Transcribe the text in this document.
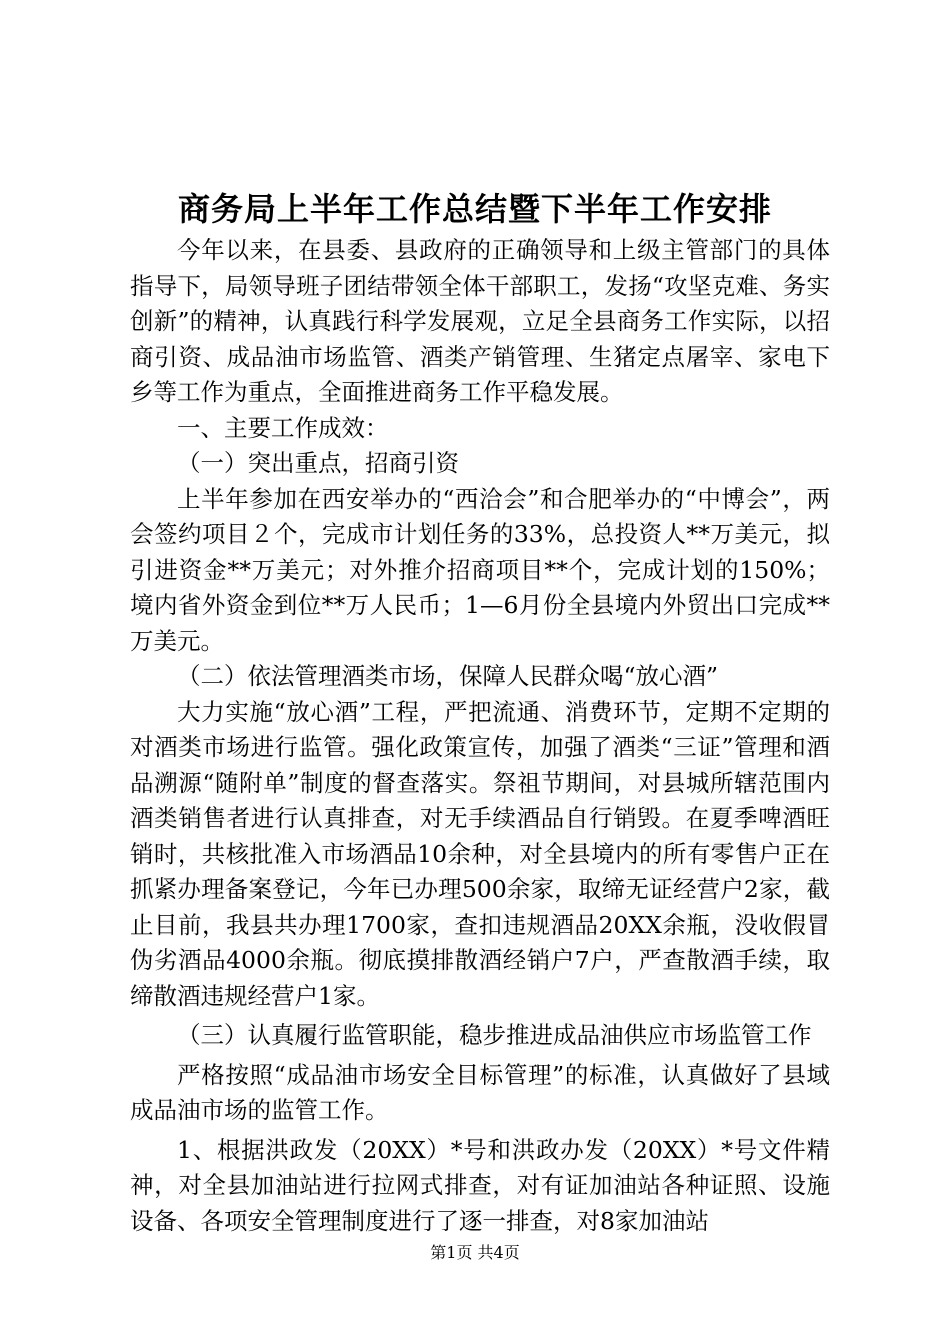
商务局上半年工作总结暨下半年工作安排

今年以来，在县委、县政府的正确领导和上级主管部门的具体指导下，局领导班子团结带领全体干部职工，发扬“攻坚克难、务实创新”的精神，认真践行科学发展观，立足全县商务工作实际，以招商引资、成品油市场监管、酒类产销管理、生猪定点屠宰、家电下乡等工作为重点，全面推进商务工作平稳发展。

一、主要工作成效：

（一）突出重点，招商引资

上半年参加在西安举办的“西洽会”和合肥举办的“中博会”，两会签约项目２个，完成市计划任务的33%，总投资人**万美元，拟引进资金**万美元；对外推介招商项目**个，完成计划的150%；境内省外资金到位**万人民币；1—6月份全县境内外贸出口完成**万美元。

（二）依法管理酒类市场，保障人民群众喝“放心酒”

大力实施“放心酒”工程，严把流通、消费环节，定期不定期的对酒类市场进行监管。强化政策宣传，加强了酒类“三证”管理和酒品溯源“随附单”制度的督查落实。祭祖节期间，对县城所辖范围内酒类销售者进行认真排查，对无手续酒品自行销毁。在夏季啤酒旺销时，共核批准入市场酒品10余种，对全县境内的所有零售户正在抓紧办理备案登记，今年已办理500余家，取缔无证经营户2家，截止目前，我县共办理1700家，查扣违规酒品20XX余瓶，没收假冒伪劣酒品4000余瓶。彻底摸排散酒经销户7户，严查散酒手续，取缔散酒违规经营户1家。

（三）认真履行监管职能，稳步推进成品油供应市场监管工作

严格按照“成品油市场安全目标管理”的标准，认真做好了县域成品油市场的监管工作。

1、根据洪政发（20XX）*号和洪政办发（20XX）*号文件精神，对全县加油站进行拉网式排查，对有证加油站各种证照、设施设备、各项安全管理制度进行了逐一排查，对8家加油站

第1页 共4页
